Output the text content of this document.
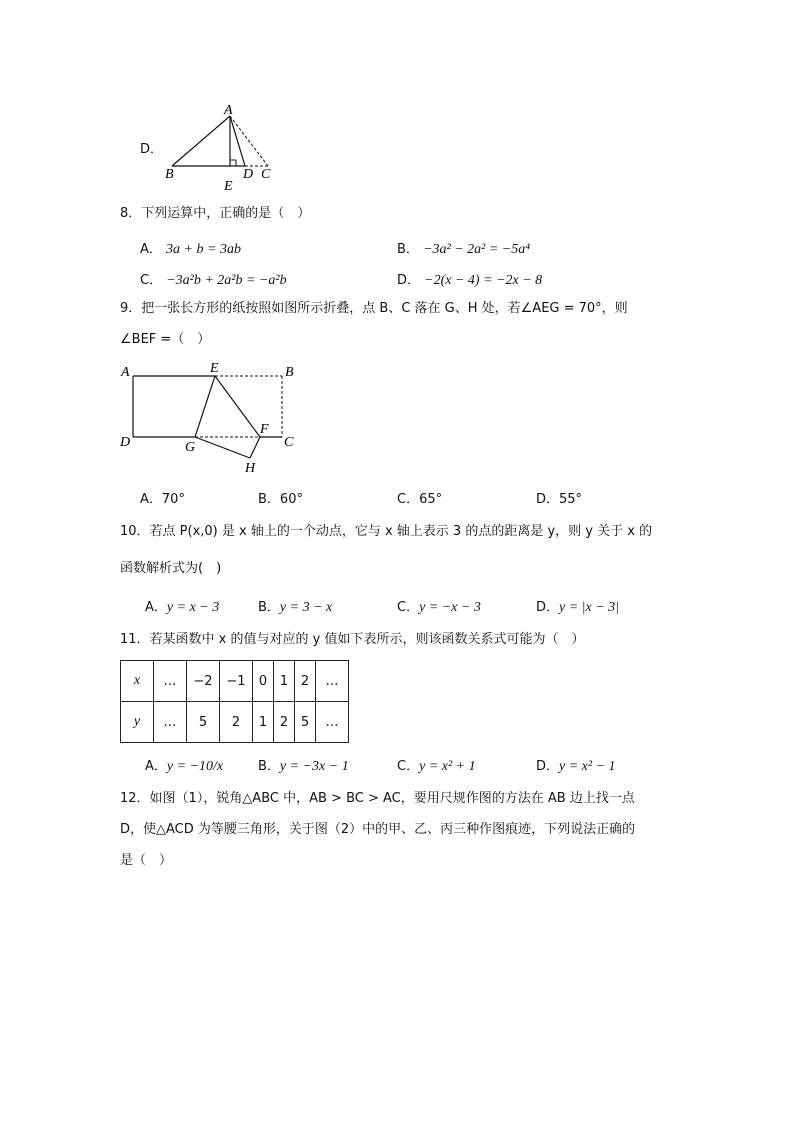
D．
A
B
E
D C
8．下列运算中，正确的是（　）
A． 3a + b = 3ab	B． −3a² − 2a² = −5a⁴
C． −3a²b + 2a²b = −a²b	D． −2(x − 4) = −2x − 8
9．把一张长方形的纸按照如图所示折叠，点 B、C 落在 G、H 处，若∠AEG = 70°，则
∠BEF =（　）
A	E	B
D	G
F
C
H
A．70°	B．60°	C．65°	D．55°
10．若点 P(x,0) 是 x 轴上的一个动点，它与 x 轴上表示 3 的点的距离是 y，则 y 关于 x 的
函数解析式为(　)
A．y = x − 3	B．y = 3 − x	C．y = −x − 3	D．y = |x − 3|
11．若某函数中 x 的值与对应的 y 值如下表所示，则该函数关系式可能为（　）
x	…	−2	−1	0	1	2	…
y	…	5	2	1	2	5	…
A．y = −10/x	B．y = −3x − 1	C．y = x² + 1	D．y = x² − 1
12．如图（1），锐角△ABC 中，AB > BC > AC，要用尺规作图的方法在 AB 边上找一点
D，使△ACD 为等腰三角形，关于图（2）中的甲、乙、丙三种作图痕迹，下列说法正确的
是（　）
